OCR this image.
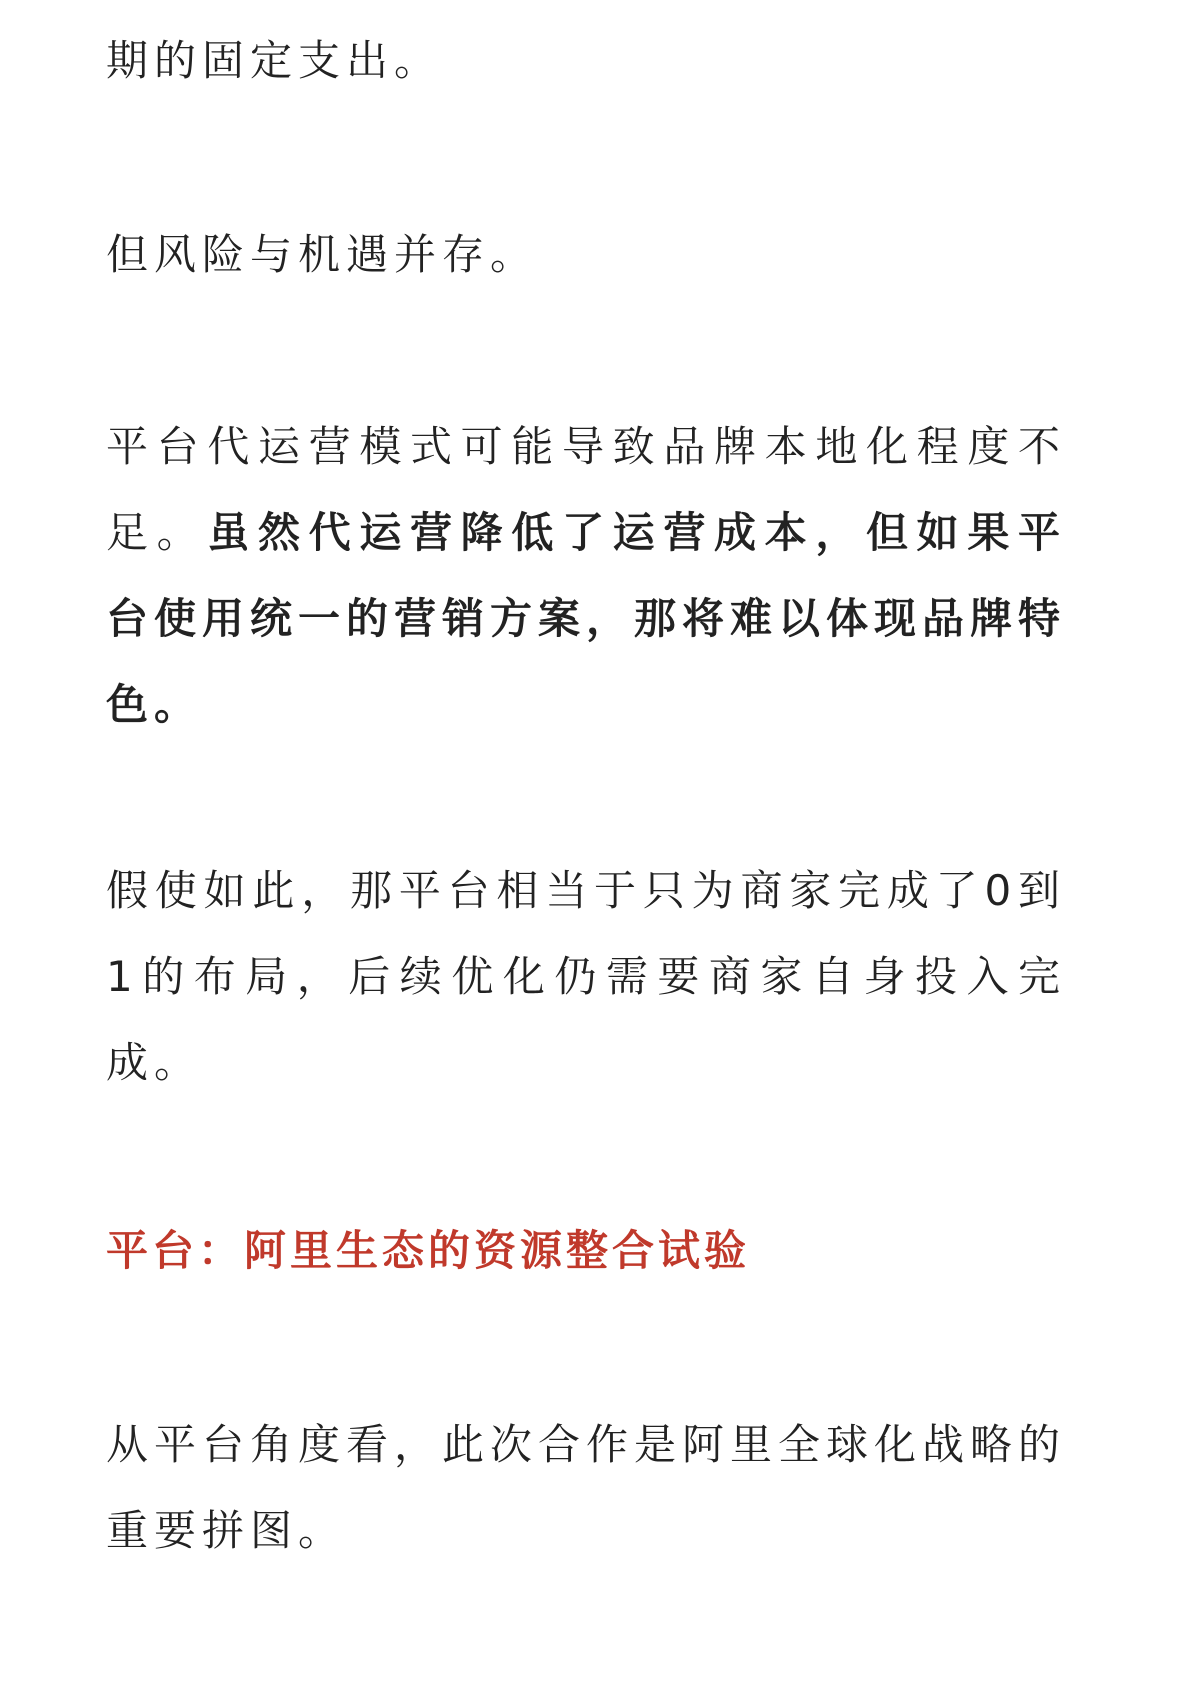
期的固定支出。

但风险与机遇并存。

平台代运营模式可能导致品牌本地化程度不足。虽然代运营降低了运营成本，但如果平台使用统一的营销方案，那将难以体现品牌特色。

假使如此，那平台相当于只为商家完成了0到1的布局，后续优化仍需要商家自身投入完成。

平台：阿里生态的资源整合试验

从平台角度看，此次合作是阿里全球化战略的重要拼图。
